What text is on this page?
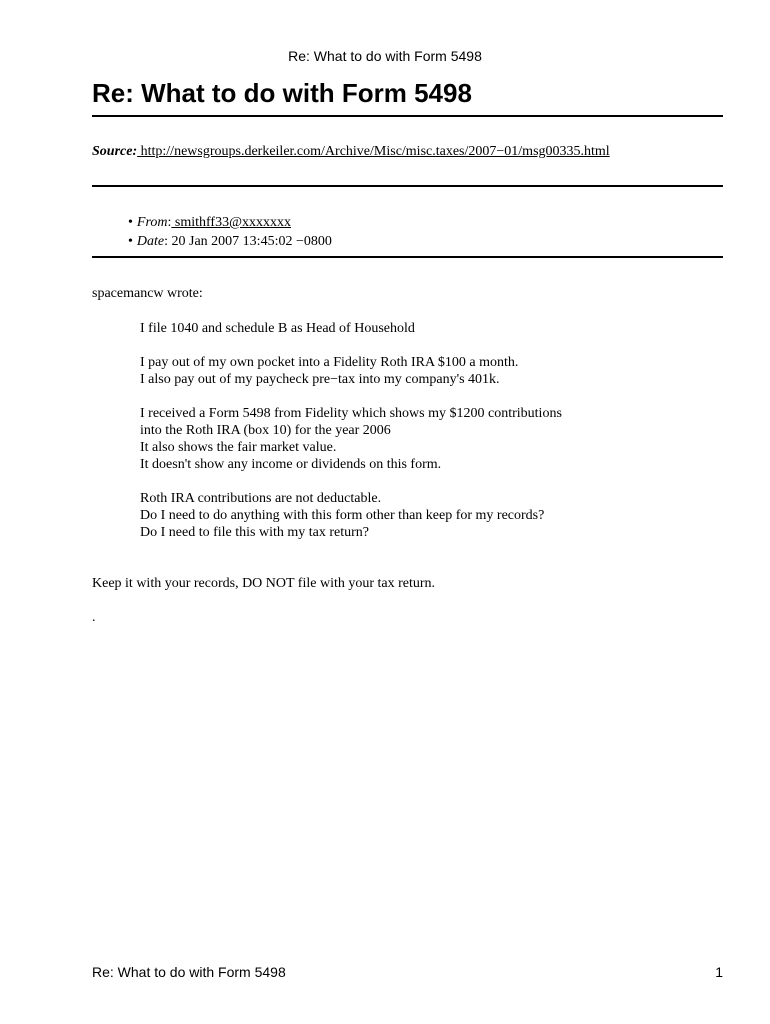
Re: What to do with Form 5498
Re: What to do with Form 5498
Source: http://newsgroups.derkeiler.com/Archive/Misc/misc.taxes/2007−01/msg00335.html
• From: smithff33@xxxxxxx
• Date: 20 Jan 2007 13:45:02 −0800
spacemancw wrote:

I file 1040 and schedule B as Head of Household

I pay out of my own pocket into a Fidelity Roth IRA $100 a month.
I also pay out of my paycheck pre−tax into my company's 401k.

I received a Form 5498 from Fidelity which shows my $1200 contributions
into the Roth IRA (box 10) for the year 2006
It also shows the fair market value.
It doesn't show any income or dividends on this form.

Roth IRA contributions are not deductable.
Do I need to do anything with this form other than keep for my records?
Do I need to file this with my tax return?

Keep it with your records, DO NOT file with your tax return.
.
Re: What to do with Form 5498	1
